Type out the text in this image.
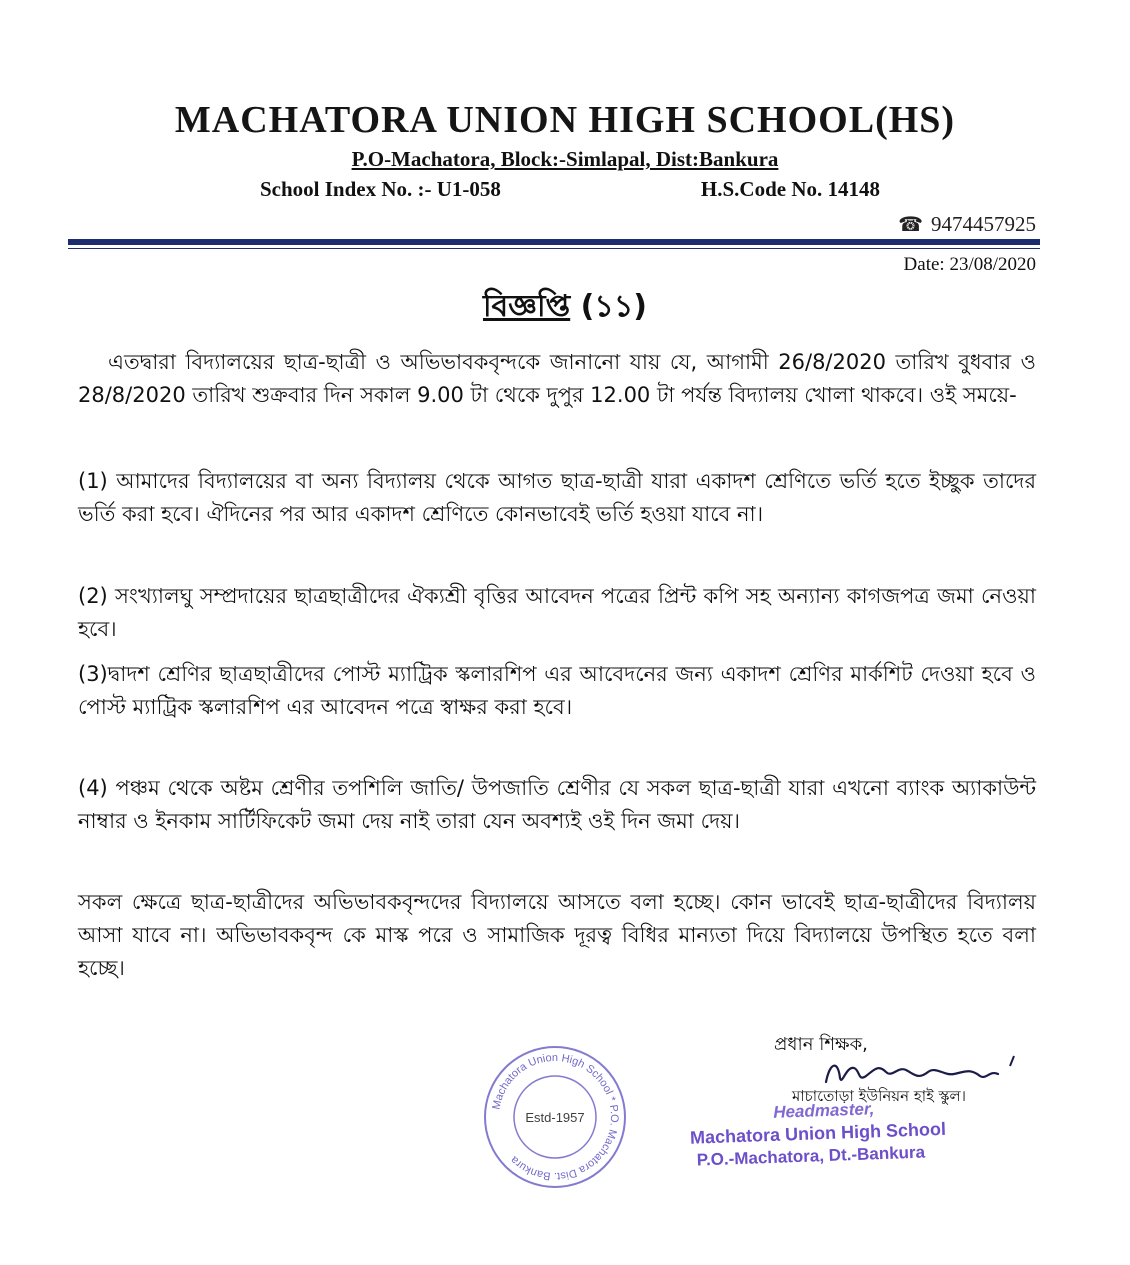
MACHATORA UNION HIGH SCHOOL(HS)
P.O-Machatora, Block:-Simlapal, Dist:Bankura
School Index No. :- U1-058	H.S.Code No. 14148
☎ 9474457925
Date: 23/08/2020
বিজ্ঞপ্তি (১১)
এতদ্বারা বিদ্যালয়ের ছাত্র-ছাত্রী ও অভিভাবকবৃন্দকে জানানো যায় যে, আগামী 26/8/2020 তারিখ বুধবার ও 28/8/2020 তারিখ শুক্রবার দিন সকাল 9.00 টা থেকে দুপুর 12.00 টা পর্যন্ত বিদ্যালয় খোলা থাকবে। ওই সময়ে-
(1) আমাদের বিদ্যালয়ের বা অন্য বিদ্যালয় থেকে আগত ছাত্র-ছাত্রী যারা একাদশ শ্রেণিতে ভর্তি হতে ইচ্ছুক তাদের ভর্তি করা হবে। ঐদিনের পর আর একাদশ শ্রেণিতে কোনভাবেই ভর্তি হওয়া যাবে না।
(2) সংখ্যালঘু সম্প্রদায়ের ছাত্রছাত্রীদের ঐক্যশ্রী বৃত্তির আবেদন পত্রের প্রিন্ট কপি সহ অন্যান্য কাগজপত্র জমা নেওয়া হবে।
(3)দ্বাদশ শ্রেণির ছাত্রছাত্রীদের পোস্ট ম্যাট্রিক স্কলারশিপ এর আবেদনের জন্য একাদশ শ্রেণির মার্কশিট দেওয়া হবে ও পোস্ট ম্যাট্রিক স্কলারশিপ এর আবেদন পত্রে স্বাক্ষর করা হবে।
(4) পঞ্চম থেকে অষ্টম শ্রেণীর তপশিলি জাতি/ উপজাতি শ্রেণীর যে সকল ছাত্র-ছাত্রী যারা এখনো ব্যাংক অ্যাকাউন্ট নাম্বার ও ইনকাম সার্টিফিকেট জমা দেয় নাই তারা যেন অবশ্যই ওই দিন জমা দেয়।
সকল ক্ষেত্রে ছাত্র-ছাত্রীদের অভিভাবকবৃন্দদের বিদ্যালয়ে আসতে বলা হচ্ছে। কোন ভাবেই ছাত্র-ছাত্রীদের বিদ্যালয় আসা যাবে না। অভিভাবকবৃন্দ কে মাস্ক পরে ও সামাজিক দূরত্ব বিধির মান্যতা দিয়ে বিদ্যালয়ে উপস্থিত হতে বলা হচ্ছে।
Machatora Union High School * P.O. Machatora Dist. Bankura
Estd-1957
প্রধান শিক্ষক,
মাচাতোড়া ইউনিয়ন হাই স্কুল।
Headmaster,
Machatora Union High School
P.O.-Machatora, Dt.-Bankura
